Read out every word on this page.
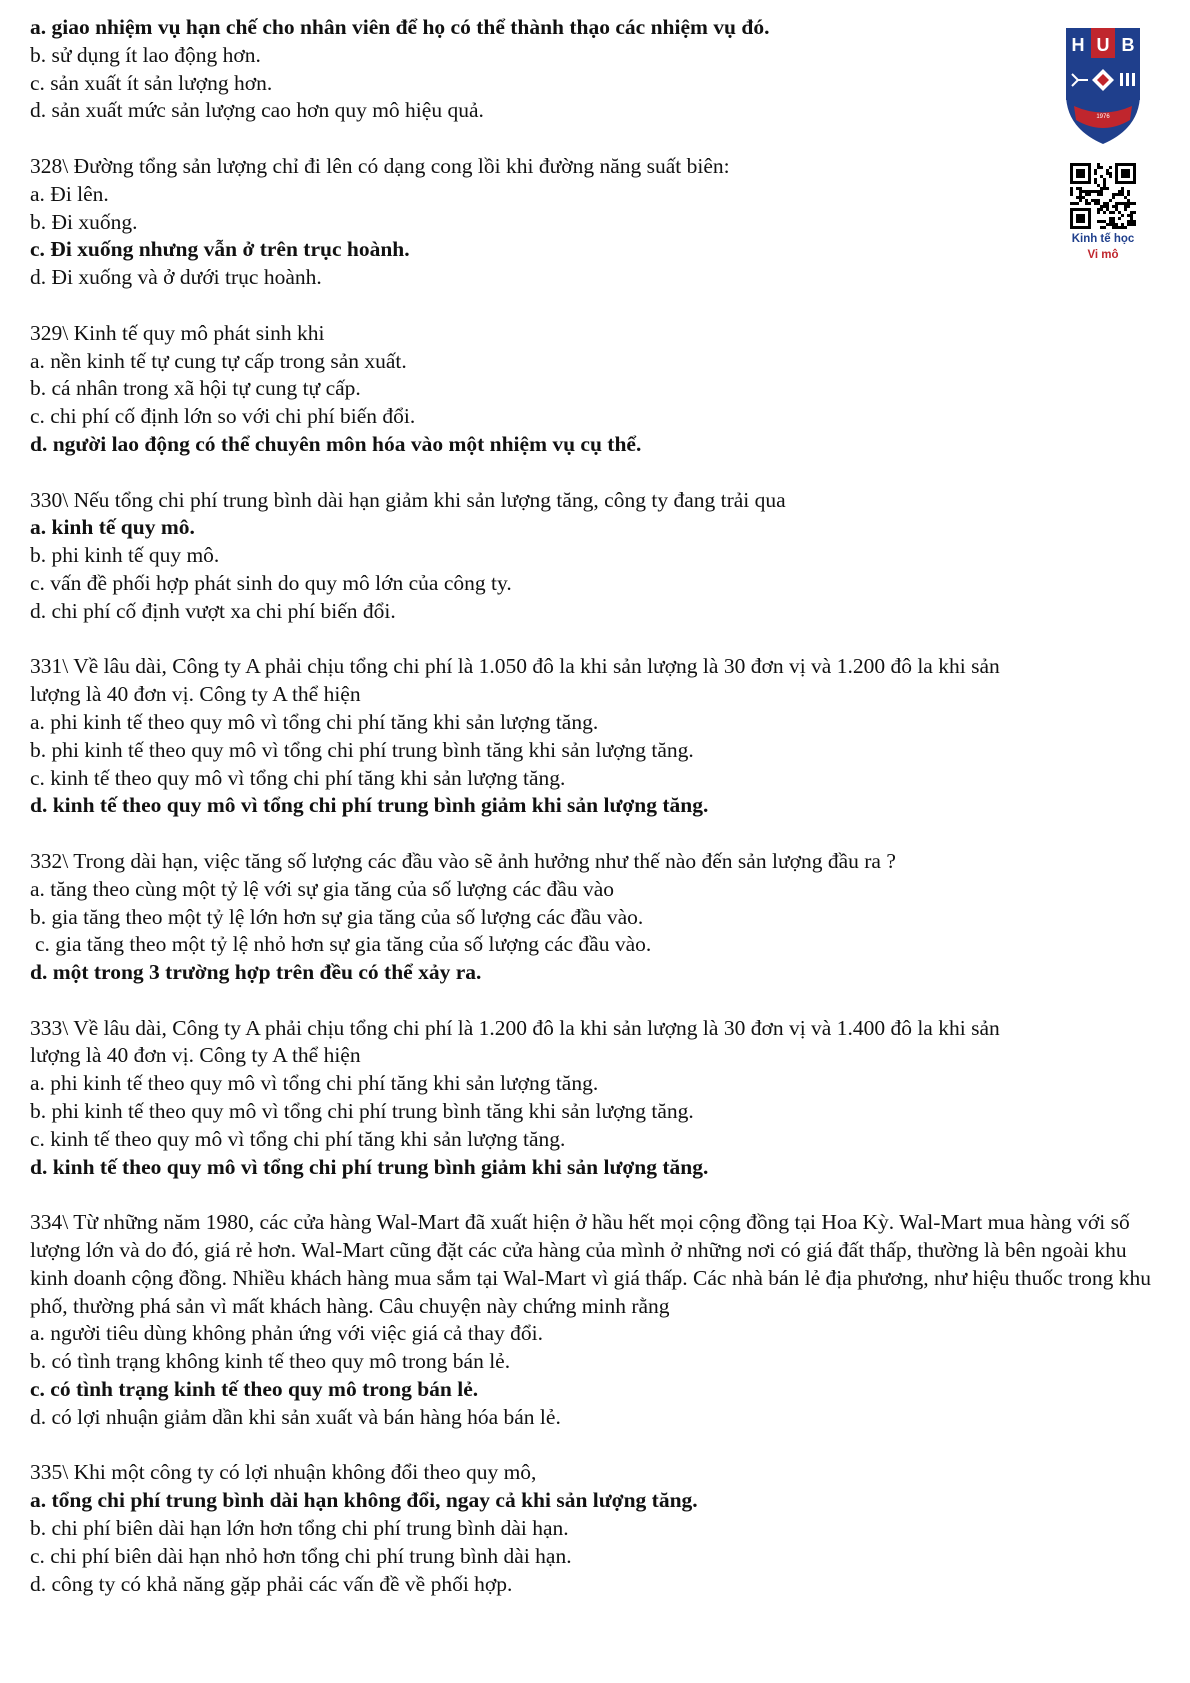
a. giao nhiệm vụ hạn chế cho nhân viên để họ có thể thành thạo các nhiệm vụ đó.
b. sử dụng ít lao động hơn.
c. sản xuất ít sản lượng hơn.
d. sản xuất mức sản lượng cao hơn quy mô hiệu quả.
328\ Đường tổng sản lượng chỉ đi lên có dạng cong lồi khi đường năng suất biên:
a. Đi lên.
b. Đi xuống.
c. Đi xuống nhưng vẫn ở trên trục hoành.
d. Đi xuống và ở dưới trục hoành.
329\ Kinh tế quy mô phát sinh khi
a. nền kinh tế tự cung tự cấp trong sản xuất.
b. cá nhân trong xã hội tự cung tự cấp.
c. chi phí cố định lớn so với chi phí biến đổi.
d. người lao động có thể chuyên môn hóa vào một nhiệm vụ cụ thể.
330\ Nếu tổng chi phí trung bình dài hạn giảm khi sản lượng tăng, công ty đang trải qua
a. kinh tế quy mô.
b. phi kinh tế quy mô.
c. vấn đề phối hợp phát sinh do quy mô lớn của công ty.
d. chi phí cố định vượt xa chi phí biến đổi.
331\ Về lâu dài, Công ty A phải chịu tổng chi phí là 1.050 đô la khi sản lượng là 30 đơn vị và 1.200 đô la khi sản lượng là 40 đơn vị. Công ty A thể hiện
a. phi kinh tế theo quy mô vì tổng chi phí tăng khi sản lượng tăng.
b. phi kinh tế theo quy mô vì tổng chi phí trung bình tăng khi sản lượng tăng.
c. kinh tế theo quy mô vì tổng chi phí tăng khi sản lượng tăng.
d. kinh tế theo quy mô vì tổng chi phí trung bình giảm khi sản lượng tăng.
332\ Trong dài hạn, việc tăng số lượng các đầu vào sẽ ảnh hưởng như thế nào đến sản lượng đầu ra ?
a. tăng theo cùng một tỷ lệ với sự gia tăng của số lượng các đầu vào
b. gia tăng theo một tỷ lệ lớn hơn sự gia tăng của số lượng các đầu vào.
c. gia tăng theo một tỷ lệ nhỏ hơn sự gia tăng của số lượng các đầu vào.
d. một trong 3 trường hợp trên đều có thể xảy ra.
333\ Về lâu dài, Công ty A phải chịu tổng chi phí là 1.200 đô la khi sản lượng là 30 đơn vị và 1.400 đô la khi sản lượng là 40 đơn vị. Công ty A thể hiện
a. phi kinh tế theo quy mô vì tổng chi phí tăng khi sản lượng tăng.
b. phi kinh tế theo quy mô vì tổng chi phí trung bình tăng khi sản lượng tăng.
c. kinh tế theo quy mô vì tổng chi phí tăng khi sản lượng tăng.
d. kinh tế theo quy mô vì tổng chi phí trung bình giảm khi sản lượng tăng.
334\ Từ những năm 1980, các cửa hàng Wal-Mart đã xuất hiện ở hầu hết mọi cộng đồng tại Hoa Kỳ. Wal-Mart mua hàng với số lượng lớn và do đó, giá rẻ hơn. Wal-Mart cũng đặt các cửa hàng của mình ở những nơi có giá đất thấp, thường là bên ngoài khu kinh doanh cộng đồng. Nhiều khách hàng mua sắm tại Wal-Mart vì giá thấp. Các nhà bán lẻ địa phương, như hiệu thuốc trong khu phố, thường phá sản vì mất khách hàng. Câu chuyện này chứng minh rằng
a. người tiêu dùng không phản ứng với việc giá cả thay đổi.
b. có tình trạng không kinh tế theo quy mô trong bán lẻ.
c. có tình trạng kinh tế theo quy mô trong bán lẻ.
d. có lợi nhuận giảm dần khi sản xuất và bán hàng hóa bán lẻ.
335\ Khi một công ty có lợi nhuận không đổi theo quy mô,
a. tổng chi phí trung bình dài hạn không đổi, ngay cả khi sản lượng tăng.
b. chi phí biên dài hạn lớn hơn tổng chi phí trung bình dài hạn.
c. chi phí biên dài hạn nhỏ hơn tổng chi phí trung bình dài hạn.
d. công ty có khả năng gặp phải các vấn đề về phối hợp.
H U B
1976
Kinh tế học
Vi mô
